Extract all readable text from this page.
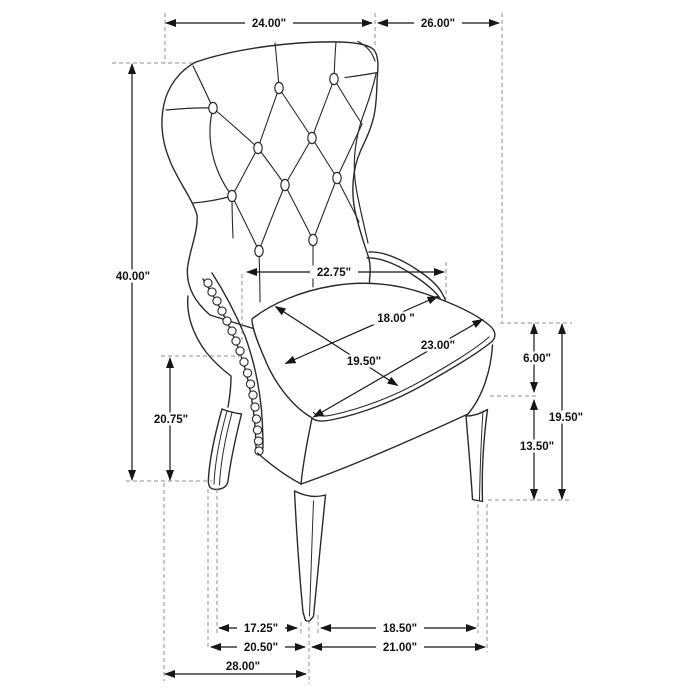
24.00"	26.00"
40.00"
20.75"
22.75"
18.00 "
19.50"
23.00"
6.00"
13.50"
19.50"
17.25"	18.50"
20.50"	21.00"
28.00"
